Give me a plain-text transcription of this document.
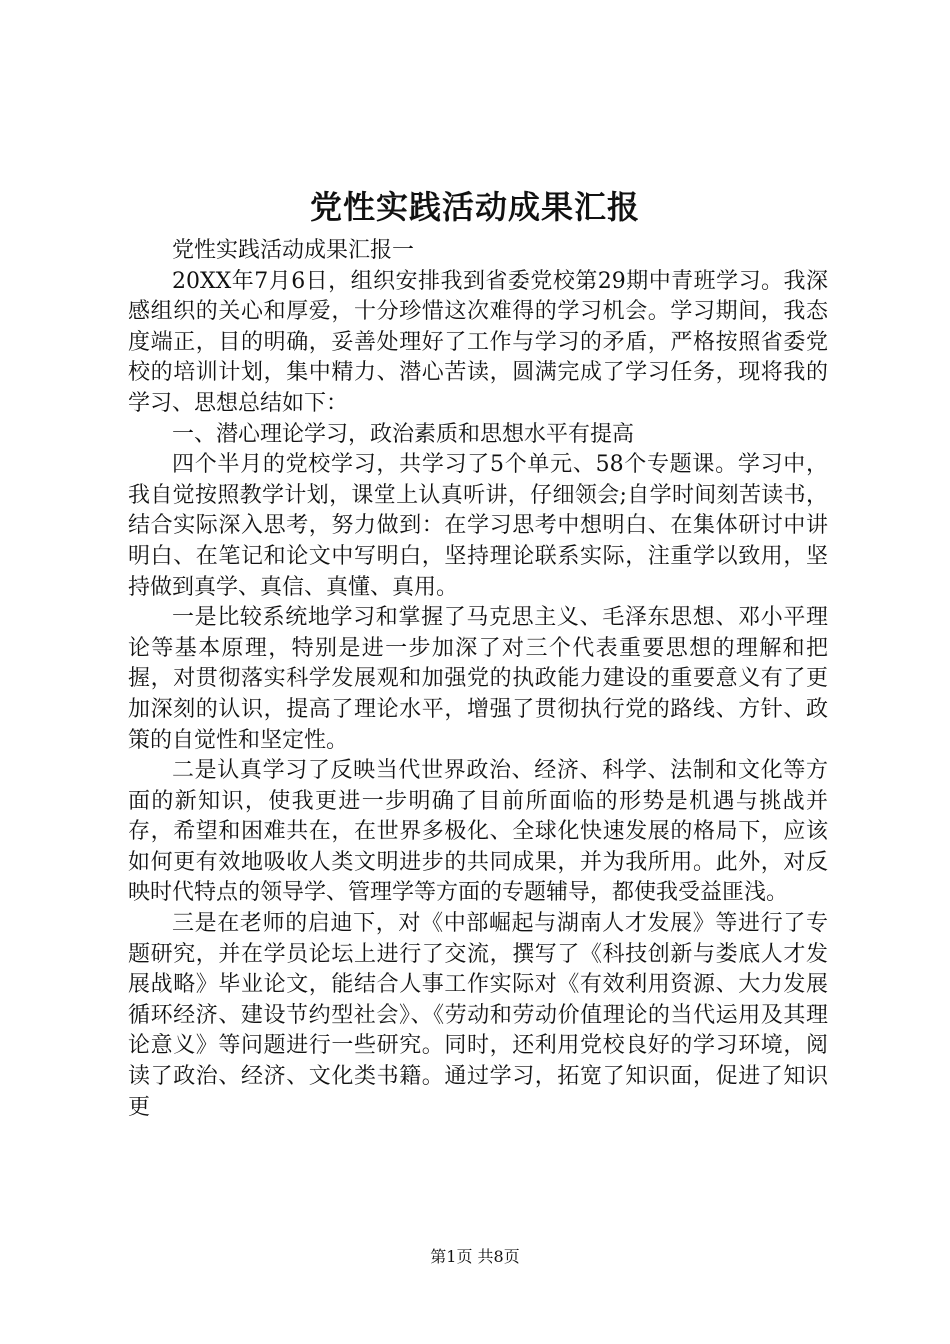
党性实践活动成果汇报

党性实践活动成果汇报一

20XX年7月6日，组织安排我到省委党校第29期中青班学习。我深感组织的关心和厚爱，十分珍惜这次难得的学习机会。学习期间，我态度端正，目的明确，妥善处理好了工作与学习的矛盾，严格按照省委党校的培训计划，集中精力、潜心苦读，圆满完成了学习任务，现将我的学习、思想总结如下：

一、潜心理论学习，政治素质和思想水平有提高

四个半月的党校学习，共学习了5个单元、58个专题课。学习中，我自觉按照教学计划，课堂上认真听讲，仔细领会;自学时间刻苦读书，结合实际深入思考，努力做到：在学习思考中想明白、在集体研讨中讲明白、在笔记和论文中写明白，坚持理论联系实际，注重学以致用，坚持做到真学、真信、真懂、真用。

一是比较系统地学习和掌握了马克思主义、毛泽东思想、邓小平理论等基本原理，特别是进一步加深了对三个代表重要思想的理解和把握，对贯彻落实科学发展观和加强党的执政能力建设的重要意义有了更加深刻的认识，提高了理论水平，增强了贯彻执行党的路线、方针、政策的自觉性和坚定性。

二是认真学习了反映当代世界政治、经济、科学、法制和文化等方面的新知识，使我更进一步明确了目前所面临的形势是机遇与挑战并存，希望和困难共在，在世界多极化、全球化快速发展的格局下，应该如何更有效地吸收人类文明进步的共同成果，并为我所用。此外，对反映时代特点的领导学、管理学等方面的专题辅导，都使我受益匪浅。

三是在老师的启迪下，对《中部崛起与湖南人才发展》等进行了专题研究，并在学员论坛上进行了交流，撰写了《科技创新与娄底人才发展战略》毕业论文，能结合人事工作实际对《有效利用资源、大力发展循环经济、建设节约型社会》、《劳动和劳动价值理论的当代运用及其理论意义》等问题进行一些研究。同时，还利用党校良好的学习环境，阅读了政治、经济、文化类书籍。通过学习，拓宽了知识面，促进了知识更

第1页 共8页
